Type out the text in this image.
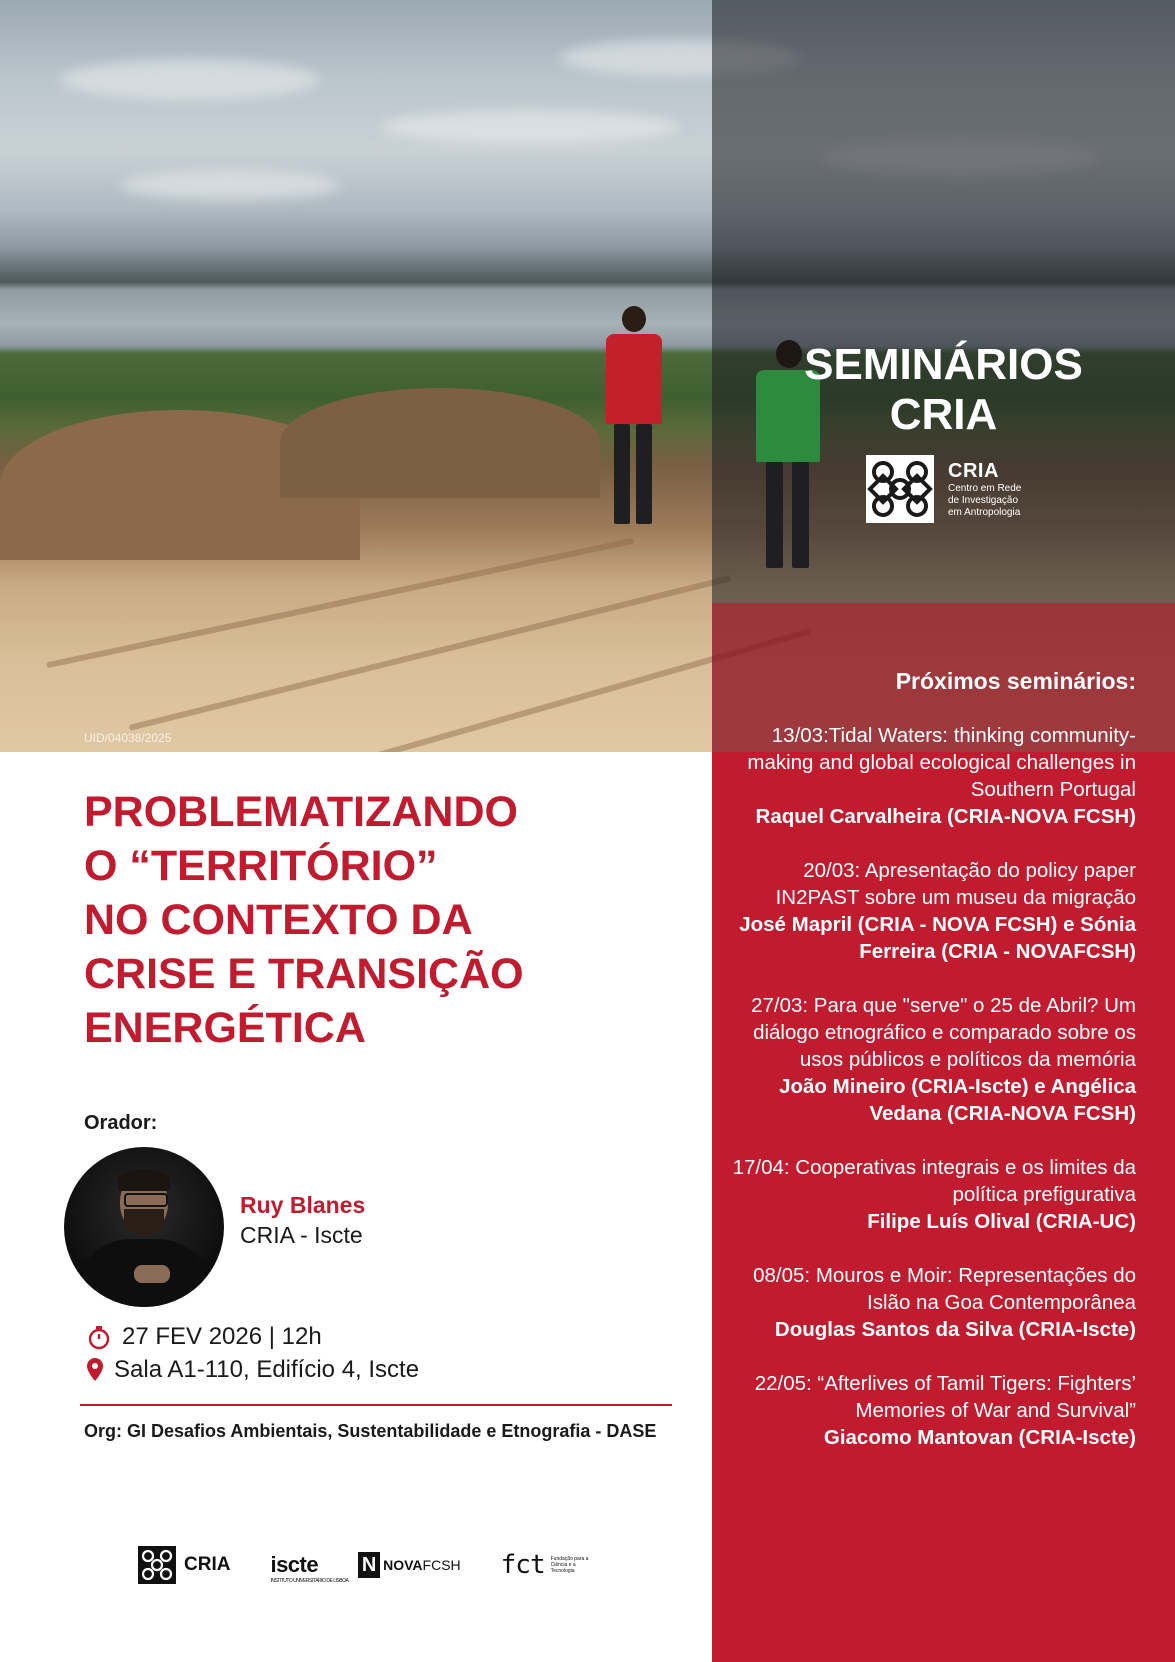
UID/04038/2025
SEMINÁRIOS
CRIA
CRIA
Centro em Rede
de Investigação
em Antropologia
Próximos seminários:

13/03:Tidal Waters: thinking community-making and global ecological challenges in Southern Portugal
Raquel Carvalheira (CRIA-NOVA FCSH)

20/03: Apresentação do policy paper IN2PAST sobre um museu da migração
José Mapril (CRIA - NOVA FCSH) e Sónia Ferreira (CRIA - NOVAFCSH)

27/03: Para que "serve" o 25 de Abril? Um diálogo etnográfico e comparado sobre os usos públicos e políticos da memória
João Mineiro (CRIA-Iscte) e Angélica Vedana (CRIA-NOVA FCSH)

17/04: Cooperativas integrais e os limites da política prefigurativa
Filipe Luís Olival (CRIA-UC)

08/05: Mouros e Moir: Representações do Islão na Goa Contemporânea
Douglas Santos da Silva (CRIA-Iscte)

22/05: “Afterlives of Tamil Tigers: Fighters’ Memories of War and Survival”
Giacomo Mantovan (CRIA-Iscte)

PROBLEMATIZANDO
O “TERRITÓRIO”
NO CONTEXTO DA
CRISE E TRANSIÇÃO
ENERGÉTICA
Orador:
Ruy Blanes
CRIA - Iscte
27 FEV 2026 | 12h
Sala A1-110, Edifício 4, Iscte

Org: GI Desafios Ambientais, Sustentabilidade e Etnografia - DASE

CRIA iscte
INSTITUTO UNIVERSITÁRIO DE LISBOA
N NOVAFCSH fct Fundação para a Ciência e a Tecnologia
